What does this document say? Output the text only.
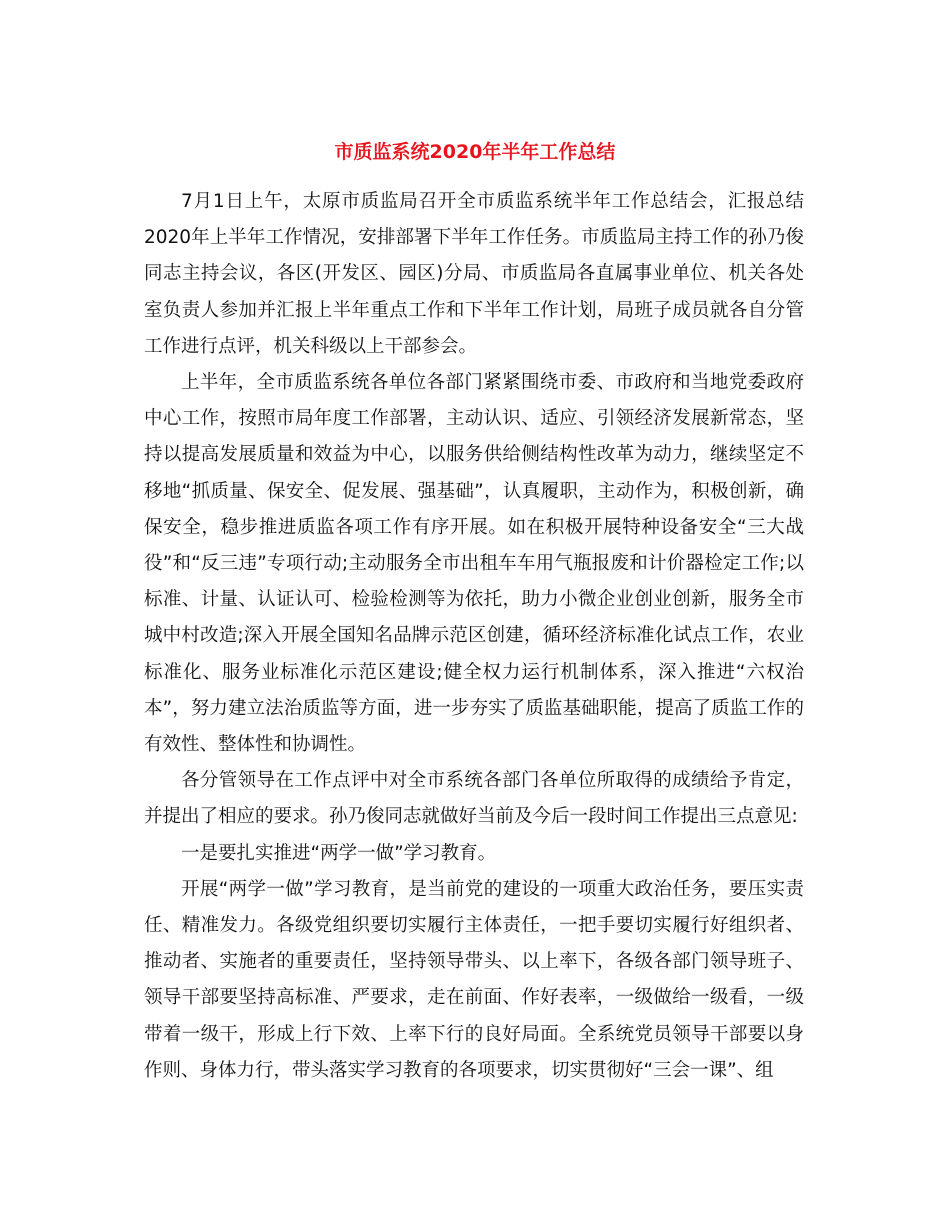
市质监系统2020年半年工作总结

7月1日上午，太原市质监局召开全市质监系统半年工作总结会，汇报总结2020年上半年工作情况，安排部署下半年工作任务。市质监局主持工作的孙乃俊同志主持会议，各区(开发区、园区)分局、市质监局各直属事业单位、机关各处室负责人参加并汇报上半年重点工作和下半年工作计划，局班子成员就各自分管工作进行点评，机关科级以上干部参会。

上半年，全市质监系统各单位各部门紧紧围绕市委、市政府和当地党委政府中心工作，按照市局年度工作部署，主动认识、适应、引领经济发展新常态，坚持以提高发展质量和效益为中心，以服务供给侧结构性改革为动力，继续坚定不移地“抓质量、保安全、促发展、强基础”，认真履职，主动作为，积极创新，确保安全，稳步推进质监各项工作有序开展。如在积极开展特种设备安全“三大战役”和“反三违”专项行动;主动服务全市出租车车用气瓶报废和计价器检定工作;以标准、计量、认证认可、检验检测等为依托，助力小微企业创业创新，服务全市城中村改造;深入开展全国知名品牌示范区创建，循环经济标准化试点工作，农业标准化、服务业标准化示范区建设;健全权力运行机制体系，深入推进“六权治本”，努力建立法治质监等方面，进一步夯实了质监基础职能，提高了质监工作的有效性、整体性和协调性。

各分管领导在工作点评中对全市系统各部门各单位所取得的成绩给予肯定，并提出了相应的要求。孙乃俊同志就做好当前及今后一段时间工作提出三点意见:

一是要扎实推进“两学一做”学习教育。

开展“两学一做”学习教育，是当前党的建设的一项重大政治任务，要压实责任、精准发力。各级党组织要切实履行主体责任，一把手要切实履行好组织者、推动者、实施者的重要责任，坚持领导带头、以上率下，各级各部门领导班子、领导干部要坚持高标准、严要求，走在前面、作好表率，一级做给一级看，一级带着一级干，形成上行下效、上率下行的良好局面。全系统党员领导干部要以身作则、身体力行，带头落实学习教育的各项要求，切实贯彻好“三会一课”、组
